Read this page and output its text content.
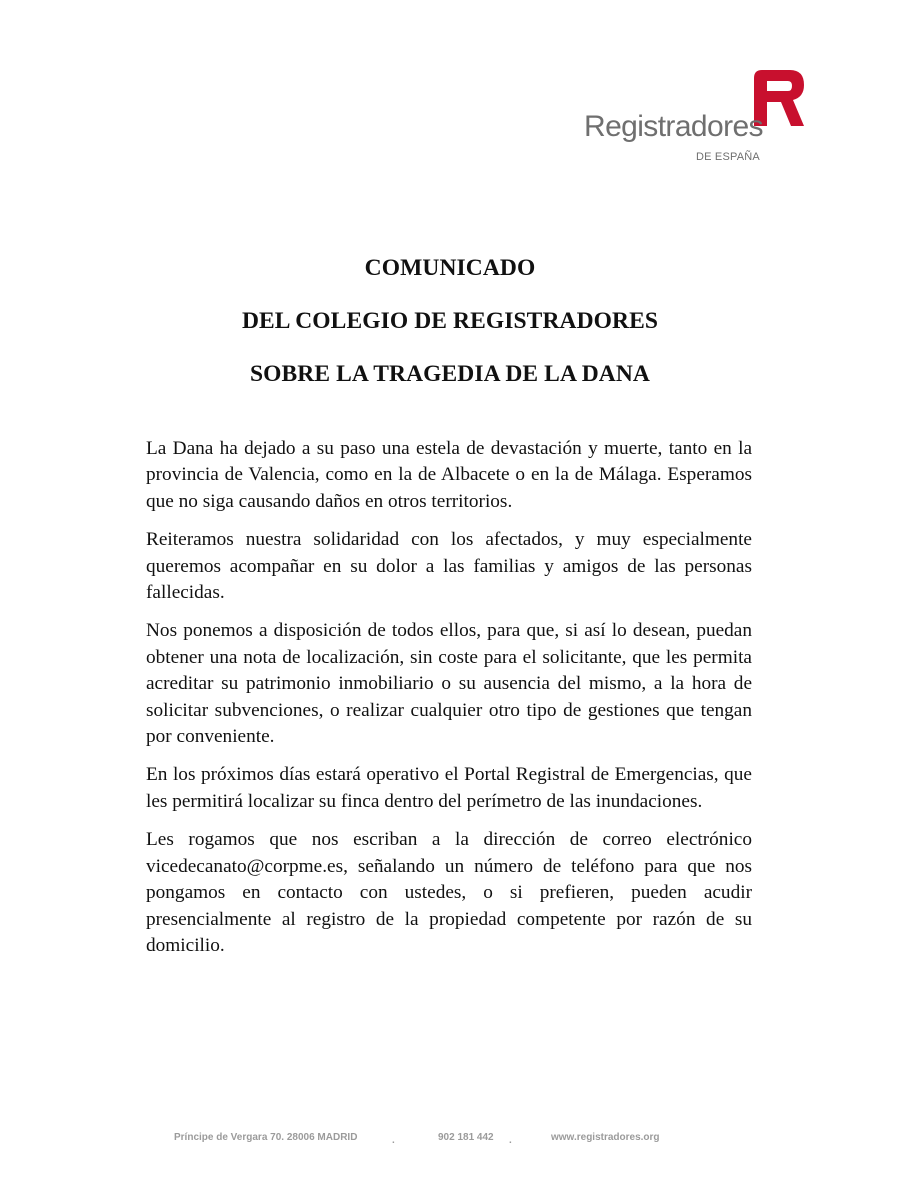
Registradores
DE ESPAÑA
COMUNICADO
DEL COLEGIO DE REGISTRADORES
SOBRE LA TRAGEDIA DE LA DANA

La Dana ha dejado a su paso una estela de devastación y muerte, tanto en la provincia de Valencia, como en la de Albacete o en la de Málaga. Esperamos que no siga causando daños en otros territorios.

Reiteramos nuestra solidaridad con los afectados, y muy especialmente queremos acompañar en su dolor a las familias y amigos de las personas fallecidas.

Nos ponemos a disposición de todos ellos, para que, si así lo desean, puedan obtener una nota de localización, sin coste para el solicitante, que les permita acreditar su patrimonio inmobiliario o su ausencia del mismo, a la hora de solicitar subvenciones, o realizar cualquier otro tipo de gestiones que tengan por conveniente.

En los próximos días estará operativo el Portal Registral de Emergencias, que les permitirá localizar su finca dentro del perímetro de las inundaciones.

Les rogamos que nos escriban a la dirección de correo electrónico vicedecanato@corpme.es, señalando un número de teléfono para que nos pongamos en contacto con ustedes, o si prefieren, pueden acudir presencialmente al registro de la propiedad competente por razón de su domicilio.

Príncipe de Vergara 70. 28006 MADRID	.	902 181 442 .	www.registradores.org
